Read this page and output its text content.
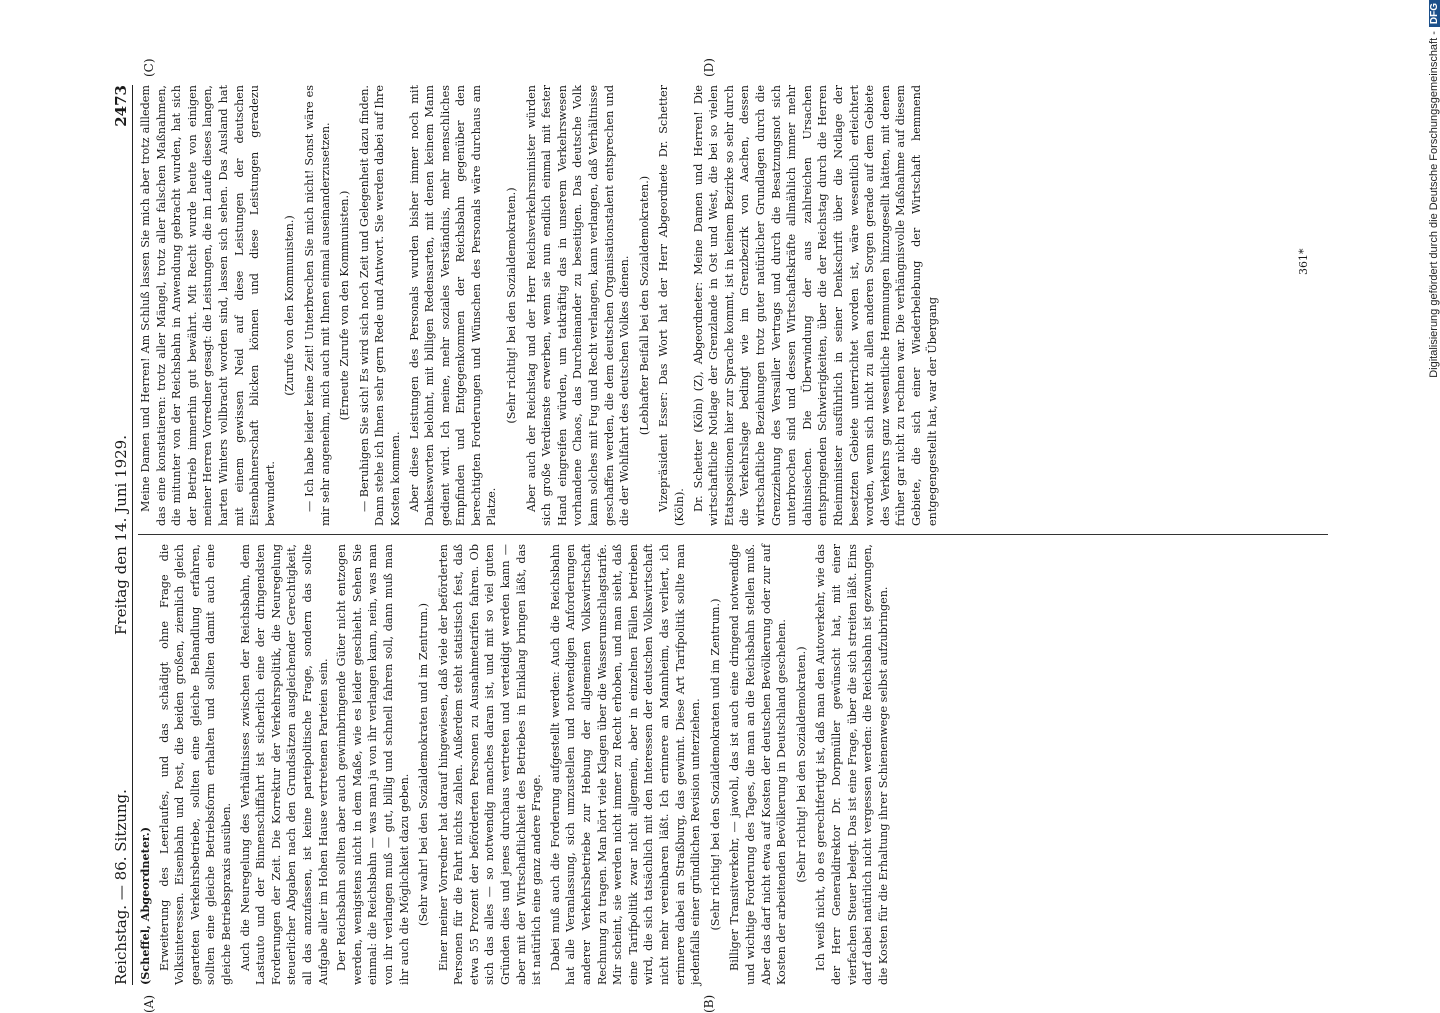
Reichstag. — 86. Sitzung.
Freitag den 14. Juni 1929.
2473

(Scheffel, Abgeordneter.) Erweiterung des Leerlaufes, und das schädigt ohne Frage die Volksinteressen. Eisenbahn und Post, die beiden großen, ziemlich gleich gearteten Verkehrsbetriebe, sollten eine gleiche Behandlung erfahren, sollten eine gleiche Betriebsform erhalten und sollten damit auch eine gleiche Betriebspraxis ausüben. Auch die Neuregelung des Verhältnisses zwischen der Reichsbahn, dem Lastauto und der Binnenschiffahrt ist sicherlich eine der dringendsten Forderungen der Zeit. Die Korrektur der Verkehrspolitik, die Neuregelung steuerlicher Abgaben nach den Grundsätzen ausgleichender Gerechtigkeit, all das anzufassen, ist keine parteipolitische Frage, sondern das sollte Aufgabe aller im Hohen Hause vertretenen Parteien sein. Der Reichsbahn sollten aber auch gewinnbringende Güter nicht entzogen werden, wenigstens nicht in dem Maße, wie es leider geschieht. Sehen Sie einmal: die Reichsbahn — was man ja von ihr verlangen kann, nein, was man von ihr verlangen muß — gut, billig und schnell fahren soll, dann muß man ihr auch die Möglichkeit dazu geben. (Sehr wahr! bei den Sozialdemokraten und im Zentrum.) Einer meiner Vorredner hat darauf hingewiesen, daß viele der beförderten Personen für die Fahrt nichts zahlen. Außerdem steht statistisch fest, daß etwa 55 Prozent der beförderten Personen zu Ausnahmetarifen fahren. Ob sich das alles — so notwendig manches daran ist, und mit so viel guten Gründen dies und jenes durchaus vertreten und verteidigt werden kann — aber mit der Wirtschaftlichkeit des Betriebes in Einklang bringen läßt, das ist natürlich eine ganz andere Frage. Dabei muß auch die Forderung aufgestellt werden: Auch die Reichsbahn hat alle Veranlassung, sich umzustellen und notwendigen Anforderungen anderer Verkehrsbetriebe zur Hebung der allgemeinen Volkswirtschaft Rechnung zu tragen. Man hört viele Klagen über die Wasserumschlagstarife. Mir scheint, sie werden nicht immer zu Recht erhoben, und man sieht, daß eine Tarifpolitik zwar nicht allgemein, aber in einzelnen Fällen betrieben wird, die sich tatsächlich mit den Interessen der deutschen Volkswirtschaft nicht mehr vereinbaren läßt. Ich erinnere an Mannheim, das verliert, ich erinnere dabei an Straßburg, das gewinnt. Diese Art Tarifpolitik sollte man jedenfalls einer gründlichen Revision unterziehen. (Sehr richtig! bei den Sozialdemokraten und im Zentrum.) Billiger Transitverkehr, — jawohl, das ist auch eine dringend notwendige und wichtige Forderung des Tages, die man an die Reichsbahn stellen muß. Aber das darf nicht etwa auf Kosten der deutschen Bevölkerung oder zur auf Kosten der arbeitenden Bevölkerung in Deutschland geschehen. (Sehr richtig! bei den Sozialdemokraten.) Ich weiß nicht, ob es gerechtfertigt ist, daß man den Autoverkehr, wie das der Herr Generaldirektor Dr. Dorpmüller gewünscht hat, mit einer vierfachen Steuer belegt. Das ist eine Frage, über die sich streiten läßt. Eins darf dabei natürlich nicht vergessen werden: die Reichsbahn ist gezwungen, die Kosten für die Erhaltung ihrer Schienenwege selbst aufzubringen.

Meine Damen und Herren! Am Schluß lassen Sie mich aber trotz allledem das eine konstatieren: trotz aller Mängel, trotz aller falschen Maßnahmen, die mitunter von der Reichsbahn in Anwendung gebracht wurden, hat sich der Betrieb immerhin gut bewährt. Mit Recht wurde heute von einigen meiner Herren Vorredner gesagt: die Leistungen, die im Laufe dieses langen, harten Winters vollbracht worden sind, lassen sich sehen. Das Ausland hat mit einem gewissen Neid auf diese Leistungen der deutschen Eisenbahnerschaft blicken können und diese Leistungen geradezu bewundert.

(Zurufe von den Kommunisten.) — Ich habe leider keine Zeit! Unterbrechen Sie mich nicht! Sonst wäre es mir sehr angenehm, mich auch mit Ihnen einmal auseinanderzusetzen. (Erneute Zurufe von den Kommunisten.) — Beruhigen Sie sich! Es wird sich noch Zeit und Gelegenheit dazu finden. Dann stehe ich Ihnen sehr gern Rede und Antwort. Sie werden dabei auf Ihre Kosten kommen. Aber diese Leistungen des Personals wurden bisher immer noch mit Dankesworten belohnt, mit billigen Redensarten, mit denen keinem Mann gedient wird. Ich meine, mehr soziales Verständnis, mehr menschliches Empfinden und Entgegenkommen der Reichsbahn gegenüber den berechtigten Forderungen und Wünschen des Personals wäre durchaus am Platze.

(Sehr richtig! bei den Sozialdemokraten.) Aber auch der Reichstag und der Herr Reichsverkehrsminister würden sich große Verdienste erwerben, wenn sie nun endlich einmal mit fester Hand eingreifen würden, um tatkräftig das in unserem Verkehrswesen vorhandene Chaos, das Durcheinander zu beseitigen. Das deutsche Volk kann solches mit Fug und Recht verlangen, kann verlangen, daß Verhältnisse geschaffen werden, die dem deutschen Organisationstalent entsprechen und die der Wohlfahrt des deutschen Volkes dienen. (Lebhafter Beifall bei den Sozialdemokraten.) Vizepräsident Esser: Das Wort hat der Herr Abgeordnete Dr. Schetter (Köln). Dr. Schetter (Köln) (Z), Abgeordneter: Meine Damen und Herren! Die wirtschaftliche Notlage der Grenzlande in Ost und West, die bei so vielen Etatspositionen hier zur Sprache kommt, ist in keinem Bezirke so sehr durch die Verkehrslage bedingt wie im Grenzbezirk von Aachen, dessen wirtschaftliche Beziehungen trotz guter natürlicher Grundlagen durch die Grenzziehung des Versailler Vertrags und durch die Besatzungsnot sich unterbrochen sind und dessen Wirtschaftskräfte allmählich immer mehr dahinsiechen. Die Überwindung der aus zahlreichen Ursachen entspringenden Schwierigkeiten, über die der Reichstag durch die Herren Rheinminister ausführlich in seiner Denkschrift über die Notlage der besetzten Gebiete unterrichtet worden ist, wäre wesentlich erleichtert worden, wenn sich nicht zu allen anderen Sorgen gerade auf dem Gebiete des Verkehrs ganz wesentliche Hemmungen hinzugesellt hätten, mit denen früher gar nicht zu rechnen war. Die verhängnisvolle Maßnahme auf diesem Gebiete, die sich einer Wiederbelebung der Wirtschaft hemmend entgegengestellt hat, war der Übergang

(A)	(B)
(C)	(D)
361*	Digitalisierung gefördert durch die Deutsche Forschungsgemeinschaft -DFG
